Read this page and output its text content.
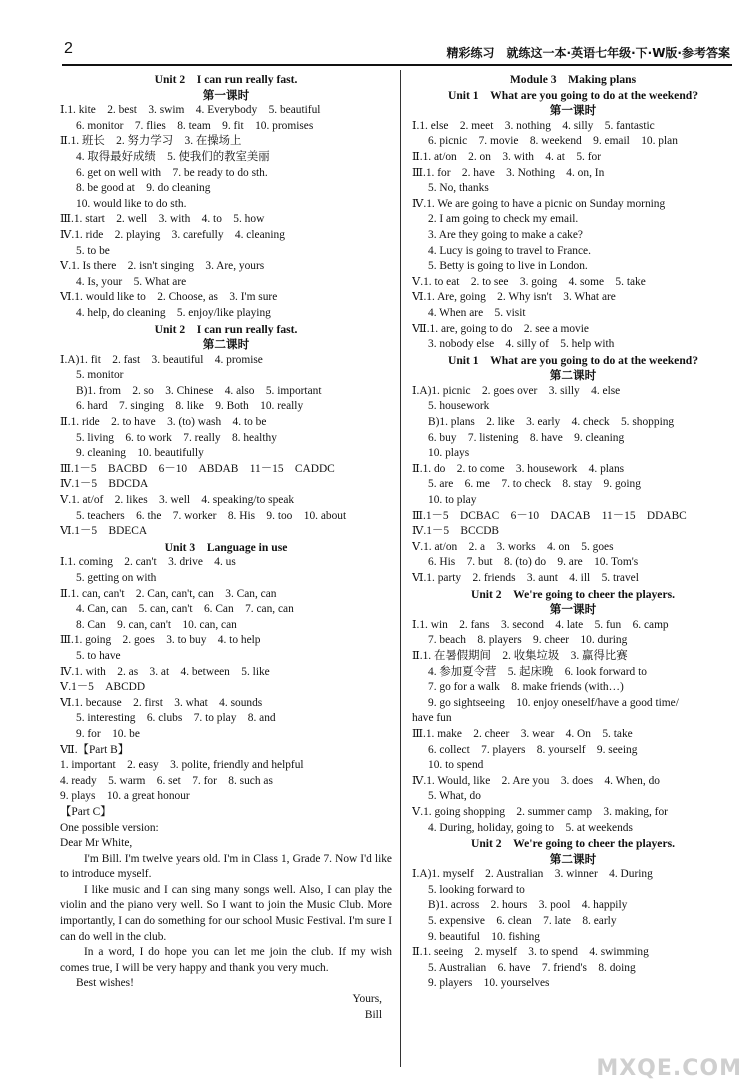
2	精彩练习　就练这一本·英语七年级·下·W版·参考答案
Unit 2　I can run really fast.
第一课时
Ⅰ.1. kite　2. best　3. swim　4. Everybody　5. beautiful
6. monitor　7. flies　8. team　9. fit　10. promises
Ⅱ.1. 班长　2. 努力学习　3. 在操场上
4. 取得最好成绩　5. 使我们的教室美丽
6. get on well with　7. be ready to do sth.
8. be good at　9. do cleaning
10. would like to do sth.
Ⅲ.1. start　2. well　3. with　4. to　5. how
Ⅳ.1. ride　2. playing　3. carefully　4. cleaning
5. to be
Ⅴ.1. Is there　2. isn't singing　3. Are, yours
4. Is, your　5. What are
Ⅵ.1. would like to　2. Choose, as　3. I'm sure
4. help, do cleaning　5. enjoy/like playing
Unit 2　I can run really fast.
第二课时
Ⅰ.A)1. fit　2. fast　3. beautiful　4. promise
5. monitor
B)1. from　2. so　3. Chinese　4. also　5. important
6. hard　7. singing　8. like　9. Both　10. really
Ⅱ.1. ride　2. to have　3. (to) wash　4. to be
5. living　6. to work　7. really　8. healthy
9. cleaning　10. beautifully
Ⅲ.1－5　BACBD　6－10　ABDAB　11－15　CADDC
Ⅳ.1－5　BDCDA
Ⅴ.1. at/of　2. likes　3. well　4. speaking/to speak
5. teachers　6. the　7. worker　8. His　9. too　10. about
Ⅵ.1－5　BDECA
Unit 3　Language in use
Ⅰ.1. coming　2. can't　3. drive　4. us
5. getting on with
Ⅱ.1. can, can't　2. Can, can't, can　3. Can, can
4. Can, can　5. can, can't　6. Can　7. can, can
8. Can　9. can, can't　10. can, can
Ⅲ.1. going　2. goes　3. to buy　4. to help
5. to have
Ⅳ.1. with　2. as　3. at　4. between　5. like
Ⅴ.1－5　ABCDD
Ⅵ.1. because　2. first　3. what　4. sounds
5. interesting　6. clubs　7. to play　8. and
9. for　10. be
Ⅶ.【Part B】
1. important　2. easy　3. polite, friendly and helpful
4. ready　5. warm　6. set　7. for　8. such as
9. plays　10. a great honour
【Part C】
One possible version:
Dear Mr White,
I'm Bill. I'm twelve years old. I'm in Class 1, Grade 7. Now I'd like to introduce myself.
I like music and I can sing many songs well. Also, I can play the violin and the piano very well. So I want to join the Music Club. More importantly, I can do something for our school Music Festival. I'm sure I can do well in the club.
In a word, I do hope you can let me join the club. If my wish comes true, I will be very happy and thank you very much.
Best wishes!
Yours,
Bill
Module 3　Making plans
Unit 1　What are you going to do at the weekend?
第一课时
Ⅰ.1. else　2. meet　3. nothing　4. silly　5. fantastic
6. picnic　7. movie　8. weekend　9. email　10. plan
Ⅱ.1. at/on　2. on　3. with　4. at　5. for
Ⅲ.1. for　2. have　3. Nothing　4. on, In
5. No, thanks
Ⅳ.1. We are going to have a picnic on Sunday morning
2. I am going to check my email.
3. Are they going to make a cake?
4. Lucy is going to travel to France.
5. Betty is going to live in London.
Ⅴ.1. to eat　2. to see　3. going　4. some　5. take
Ⅵ.1. Are, going　2. Why isn't　3. What are
4. When are　5. visit
Ⅶ.1. are, going to do　2. see a movie
3. nobody else　4. silly of　5. help with
Unit 1　What are you going to do at the weekend?
第二课时
Ⅰ.A)1. picnic　2. goes over　3. silly　4. else
5. housework
B)1. plans　2. like　3. early　4. check　5. shopping
6. buy　7. listening　8. have　9. cleaning
10. plays
Ⅱ.1. do　2. to come　3. housework　4. plans
5. are　6. me　7. to check　8. stay　9. going
10. to play
Ⅲ.1－5　DCBAC　6－10　DACAB　11－15　DDABC
Ⅳ.1－5　BCCDB
Ⅴ.1. at/on　2. a　3. works　4. on　5. goes
6. His　7. but　8. (to) do　9. are　10. Tom's
Ⅵ.1. party　2. friends　3. aunt　4. ill　5. travel
Unit 2　We're going to cheer the players.
第一课时
Ⅰ.1. win　2. fans　3. second　4. late　5. fun　6. camp
7. beach　8. players　9. cheer　10. during
Ⅱ.1. 在暑假期间　2. 收集垃圾　3. 赢得比赛
4. 参加夏令营　5. 起床晚　6. look forward to
7. go for a walk　8. make friends (with…)
9. go sightseeing　10. enjoy oneself/have a good time/
have fun
Ⅲ.1. make　2. cheer　3. wear　4. On　5. take
6. collect　7. players　8. yourself　9. seeing
10. to spend
Ⅳ.1. Would, like　2. Are you　3. does　4. When, do
5. What, do
Ⅴ.1. going shopping　2. summer camp　3. making, for
4. During, holiday, going to　5. at weekends
Unit 2　We're going to cheer the players.
第二课时
Ⅰ.A)1. myself　2. Australian　3. winner　4. During
5. looking forward to
B)1. across　2. hours　3. pool　4. happily
5. expensive　6. clean　7. late　8. early
9. beautiful　10. fishing
Ⅱ.1. seeing　2. myself　3. to spend　4. swimming
5. Australian　6. have　7. friend's　8. doing
9. players　10. yourselves
MXQE.COM
